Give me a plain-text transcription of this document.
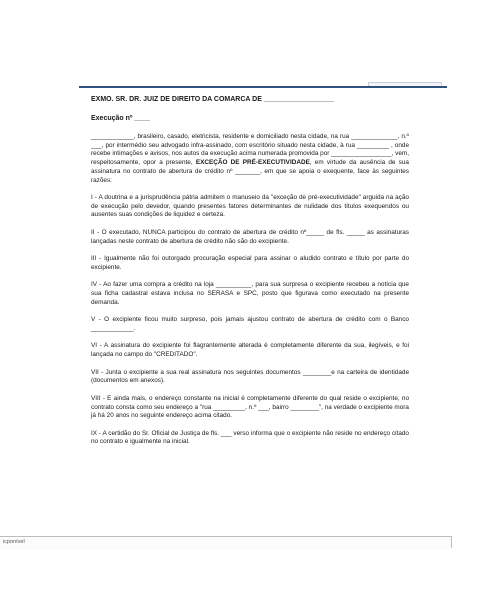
EXMO. SR. DR. JUIZ DE DIREITO DA COMARCA DE __________________
Execução nº ____

____________, brasileiro, casado, eletricista, residente e domiciliado nesta cidade, na rua _____________, n.º ___, por intermédio seu advogado infra-assinado, com escritório situado nesta cidade, à rua _________ , onde recebe intimações e avisos, nos autos da execução acima numerada promovida por _________________, vem, respeitosamente, opor a presente, EXCEÇÃO DE PRÉ-EXECUTIVIDADE, em virtude da ausência de sua assinatura no contrato de abertura de crédito nº _______, em que se apoia o exequente, face às seguintes razões:

I - A doutrina e a jurisprudência pátria admitem o manuseio da "exceção de pré-executividade" arguida na ação de execução pelo devedor, quando presentes fatores determinantes de nulidade dos títulos exequendos ou ausentes suas condições de liquidez e certeza.

II - O executado, NUNCA participou do contrato de abertura de crédito nº_____ de fls. _____ as assinaturas lançadas neste contrato de abertura de crédito não são do excipiente.

III - Igualmente não foi outorgado procuração especial para assinar o aludido contrato e título por parte do excipiente.

IV - Ao fazer uma compra a crédito na loja __________, para sua surpresa o excipiente recebeu a notícia que sua ficha cadastral estava inclusa no SERASA e SPC, posto que figurava como executado na presente demanda.

V - O excipiente ficou muito surpreso, pois jamais ajustou contrato de abertura de crédito com o Banco ____________.

VI - A assinatura do excipiente foi flagrantemente alterada é completamente diferente da sua, ilegíveis, e foi lançada no campo do "CREDITADO".

VII - Junta o excipiente a sua real assinatura nos seguintes documentos ________e na carteira de identidade (documentos em anexos).

VIII - E ainda mais, o endereço constante na inicial é completamente diferente do qual reside o excipiente, no contrato consta como seu endereço a "rua _________, n.º ___, bairro ________", na verdade o excipiente mora já há 20 anos no seguinte endereço acima citado.

IX - A certidão do Sr. Oficial de Justiça de fls. ___ verso informa que o excipiente não reside no endereço citado no contrato e igualmente na inicial.

icponível
